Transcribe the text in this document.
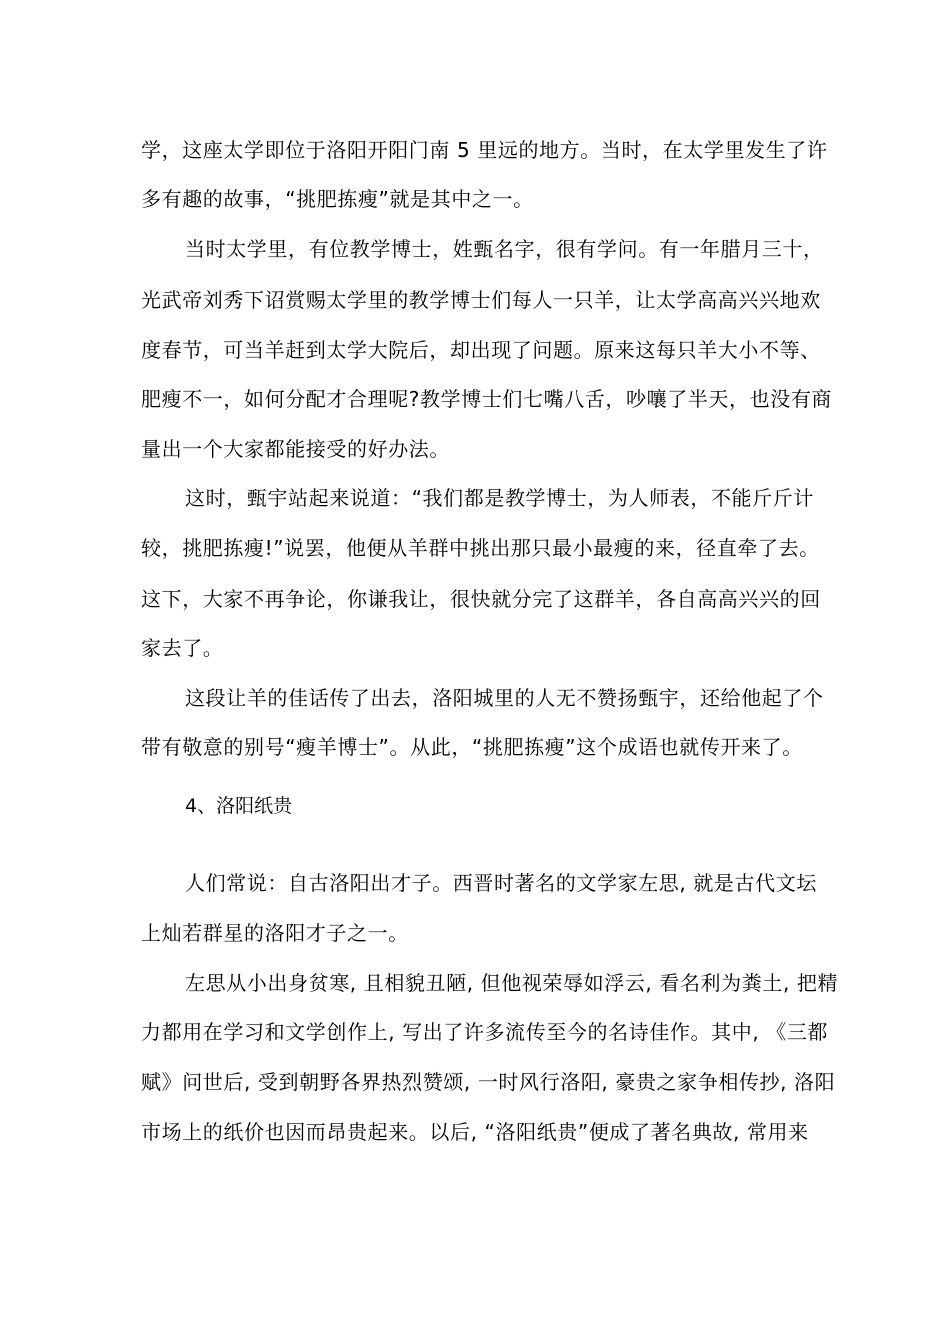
学，这座太学即位于洛阳开阳门南 5 里远的地方。当时，在太学里发生了许
多有趣的故事，“挑肥拣瘦”就是其中之一。
当时太学里，有位教学博士，姓甄名字，很有学问。有一年腊月三十，
光武帝刘秀下诏赏赐太学里的教学博士们每人一只羊，让太学高高兴兴地欢
度春节，可当羊赶到太学大院后，却出现了问题。原来这每只羊大小不等、
肥瘦不一，如何分配才合理呢?教学博士们七嘴八舌，吵嚷了半天，也没有商
量出一个大家都能接受的好办法。
这时，甄宇站起来说道：“我们都是教学博士，为人师表，不能斤斤计
较，挑肥拣瘦!”说罢，他便从羊群中挑出那只最小最瘦的来，径直牵了去。
这下，大家不再争论，你谦我让，很快就分完了这群羊，各自高高兴兴的回
家去了。
这段让羊的佳话传了出去，洛阳城里的人无不赞扬甄宇，还给他起了个
带有敬意的别号“瘦羊博士”。从此，“挑肥拣瘦”这个成语也就传开来了。
4、洛阳纸贵
人们常说：自古洛阳出才子。西晋时著名的文学家左思, 就是古代文坛
上灿若群星的洛阳才子之一。
左思从小出身贫寒, 且相貌丑陋, 但他视荣辱如浮云, 看名利为粪土, 把精
力都用在学习和文学创作上, 写出了许多流传至今的名诗佳作。其中, 《三都
赋》问世后, 受到朝野各界热烈赞颂, 一时风行洛阳, 豪贵之家争相传抄, 洛阳
市场上的纸价也因而昂贵起来。以后, “洛阳纸贵”便成了著名典故, 常用来
